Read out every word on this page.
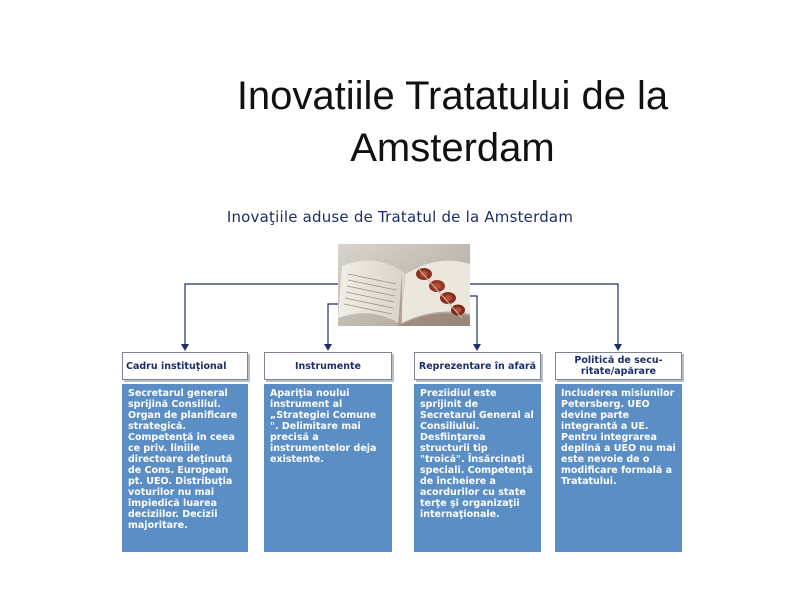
Inovatiile Tratatului de la Amsterdam
Inovaţiile aduse de Tratatul de la Amsterdam
Cadru instituţional
Secretarul general sprijină Consiliul. Organ de planificare strategică. Competenţă în ceea ce priv. liniile directoare deţinută de Cons. European pt. UEO. Distribuţia voturilor nu mai împiedică luarea deciziilor. Decizii majoritare.
Instrumente
Apariţia noului instrument al „Strategiei Comune ". Delimitare mai precisă a instrumentelor deja existente.
Reprezentare în afară
Preziidiul este sprijinit de Secretarul General al Consiliului. Desfiinţarea structurii tip "troică". Însărcinaţi speciali. Competenţă de încheiere a acordurilor cu state terţe şi organizaţii internaţionale.
Politică de secu-ritate/apărare
Includerea misiunilor Petersberg. UEO devine parte integrantă a UE. Pentru integrarea deplină a UEO nu mai este nevoie de o modificare formală a Tratatului.
